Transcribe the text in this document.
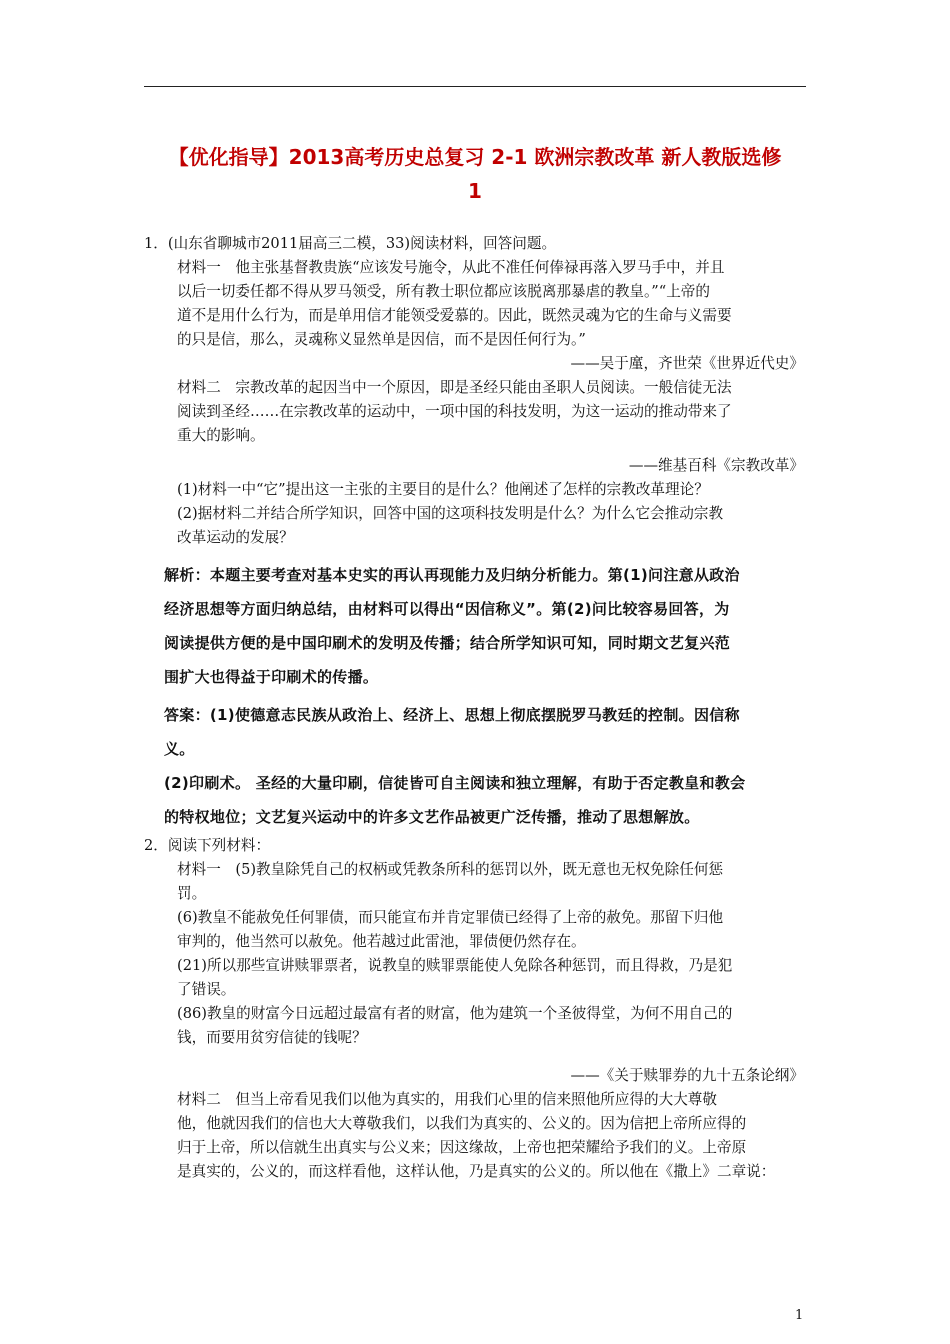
【优化指导】2013高考历史总复习 2-1 欧洲宗教改革 新人教版选修
1
1．(山东省聊城市2011届高三二模，33)阅读材料，回答问题。
材料一　他主张基督教贵族“应该发号施令，从此不准任何俸禄再落入罗马手中，并且
以后一切委任都不得从罗马领受，所有教士职位都应该脱离那暴虐的教皇。”“上帝的
道不是用什么行为，而是单用信才能领受爱慕的。因此，既然灵魂为它的生命与义需要
的只是信，那么，灵魂称义显然单是因信，而不是因任何行为。”
——吴于廑，齐世荣《世界近代史》
材料二　宗教改革的起因当中一个原因，即是圣经只能由圣职人员阅读。一般信徒无法
阅读到圣经……在宗教改革的运动中，一项中国的科技发明，为这一运动的推动带来了
重大的影响。
——维基百科《宗教改革》
(1)材料一中“它”提出这一主张的主要目的是什么？他阐述了怎样的宗教改革理论？
(2)据材料二并结合所学知识，回答中国的这项科技发明是什么？为什么它会推动宗教
改革运动的发展？
解析：本题主要考查对基本史实的再认再现能力及归纳分析能力。第(1)问注意从政治
经济思想等方面归纳总结，由材料可以得出“因信称义”。第(2)问比较容易回答，为
阅读提供方便的是中国印刷术的发明及传播；结合所学知识可知，同时期文艺复兴范
围扩大也得益于印刷术的传播。
答案：(1)使德意志民族从政治上、经济上、思想上彻底摆脱罗马教廷的控制。因信称
义。
(2)印刷术。 圣经的大量印刷，信徒皆可自主阅读和独立理解，有助于否定教皇和教会
的特权地位；文艺复兴运动中的许多文艺作品被更广泛传播，推动了思想解放。
2．阅读下列材料：
材料一　(5)教皇除凭自己的权柄或凭教条所科的惩罚以外，既无意也无权免除任何惩
罚。
(6)教皇不能赦免任何罪债，而只能宣布并肯定罪债已经得了上帝的赦免。那留下归他
审判的，他当然可以赦免。他若越过此雷池，罪债便仍然存在。
(21)所以那些宣讲赎罪票者，说教皇的赎罪票能使人免除各种惩罚，而且得救，乃是犯
了错误。
(86)教皇的财富今日远超过最富有者的财富，他为建筑一个圣彼得堂，为何不用自己的
钱，而要用贫穷信徒的钱呢？
——《关于赎罪券的九十五条论纲》
材料二　但当上帝看见我们以他为真实的，用我们心里的信来照他所应得的大大尊敬
他，他就因我们的信也大大尊敬我们，以我们为真实的、公义的。因为信把上帝所应得的
归于上帝，所以信就生出真实与公义来；因这缘故，上帝也把荣耀给予我们的义。上帝原
是真实的，公义的，而这样看他，这样认他，乃是真实的公义的。所以他在《撒上》二章说：
1
